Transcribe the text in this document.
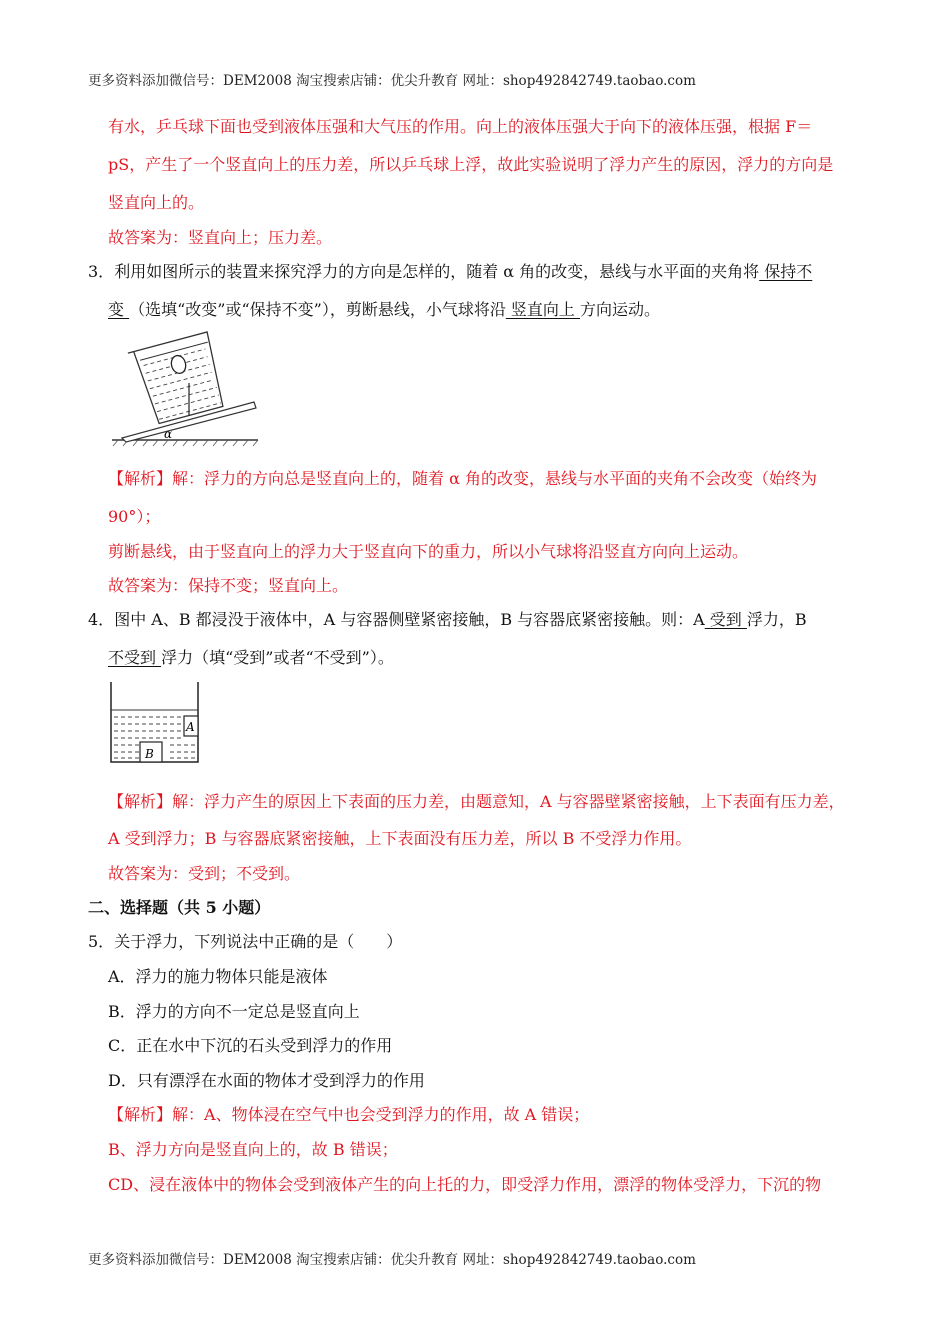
更多资料添加微信号：DEM2008 淘宝搜索店铺：优尖升教育 网址：shop492842749.taobao.com
有水，乒乓球下面也受到液体压强和大气压的作用。向上的液体压强大于向下的液体压强，根据 F＝
pS，产生了一个竖直向上的压力差，所以乒乓球上浮，故此实验说明了浮力产生的原因，浮力的方向是
竖直向上的。
故答案为：竖直向上；压力差。
3．利用如图所示的装置来探究浮力的方向是怎样的，随着 α 角的改变，悬线与水平面的夹角将 保持不
变 （选填“改变”或“保持不变”），剪断悬线，小气球将沿 竖直向上 方向运动。
α
【解析】解：浮力的方向总是竖直向上的，随着 α 角的改变，悬线与水平面的夹角不会改变（始终为
90°）；
剪断悬线，由于竖直向上的浮力大于竖直向下的重力，所以小气球将沿竖直方向向上运动。
故答案为：保持不变；竖直向上。
4．图中 A、B 都浸没于液体中，A 与容器侧壁紧密接触，B 与容器底紧密接触。则：A 受到 浮力，B
不受到 浮力（填“受到”或者“不受到”）。
A
B
【解析】解：浮力产生的原因上下表面的压力差，由题意知，A 与容器壁紧密接触，上下表面有压力差，
A 受到浮力；B 与容器底紧密接触，上下表面没有压力差，所以 B 不受浮力作用。
故答案为：受到；不受到。
二、选择题（共 5 小题）
5．关于浮力，下列说法中正确的是（　　）
A．浮力的施力物体只能是液体
B．浮力的方向不一定总是竖直向上
C．正在水中下沉的石头受到浮力的作用
D．只有漂浮在水面的物体才受到浮力的作用
【解析】解：A、物体浸在空气中也会受到浮力的作用，故 A 错误；
B、浮力方向是竖直向上的，故 B 错误；
CD、浸在液体中的物体会受到液体产生的向上托的力，即受浮力作用，漂浮的物体受浮力，下沉的物
更多资料添加微信号：DEM2008 淘宝搜索店铺：优尖升教育 网址：shop492842749.taobao.com
